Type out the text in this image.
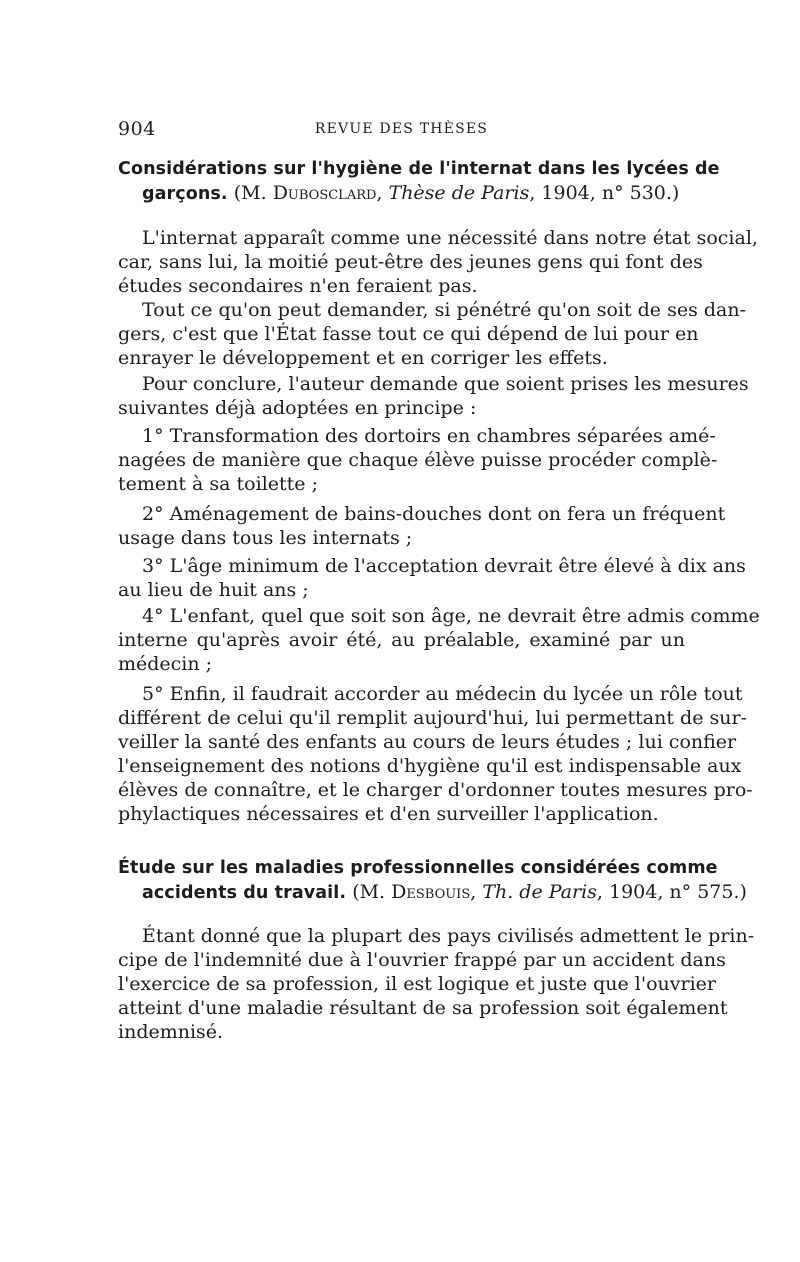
904	REVUE DES THÈSES
Considérations sur l'hygiène de l'internat dans les lycées de
garçons. (M. Dubosclard, Thèse de Paris, 1904, n° 530.)
L'internat apparaît comme une nécessité dans notre état social,
car, sans lui, la moitié peut-être des jeunes gens qui font des
études secondaires n'en feraient pas.
Tout ce qu'on peut demander, si pénétré qu'on soit de ses dan-
gers, c'est que l'État fasse tout ce qui dépend de lui pour en
enrayer le développement et en corriger les effets.
Pour conclure, l'auteur demande que soient prises les mesures
suivantes déjà adoptées en principe :
1° Transformation des dortoirs en chambres séparées amé-
nagées de manière que chaque élève puisse procéder complè-
tement à sa toilette ;
2° Aménagement de bains-douches dont on fera un fréquent
usage dans tous les internats ;
3° L'âge minimum de l'acceptation devrait être élevé à dix ans
au lieu de huit ans ;
4° L'enfant, quel que soit son âge, ne devrait être admis comme
interne qu'après avoir été, au préalable, examiné par un
médecin ;
5° Enfin, il faudrait accorder au médecin du lycée un rôle tout
différent de celui qu'il remplit aujourd'hui, lui permettant de sur-
veiller la santé des enfants au cours de leurs études ; lui confier
l'enseignement des notions d'hygiène qu'il est indispensable aux
élèves de connaître, et le charger d'ordonner toutes mesures pro-
phylactiques nécessaires et d'en surveiller l'application.
Étude sur les maladies professionnelles considérées comme
accidents du travail. (M. Desbouis, Th. de Paris, 1904, n° 575.)
Étant donné que la plupart des pays civilisés admettent le prin-
cipe de l'indemnité due à l'ouvrier frappé par un accident dans
l'exercice de sa profession, il est logique et juste que l'ouvrier
atteint d'une maladie résultant de sa profession soit également
indemnisé.
